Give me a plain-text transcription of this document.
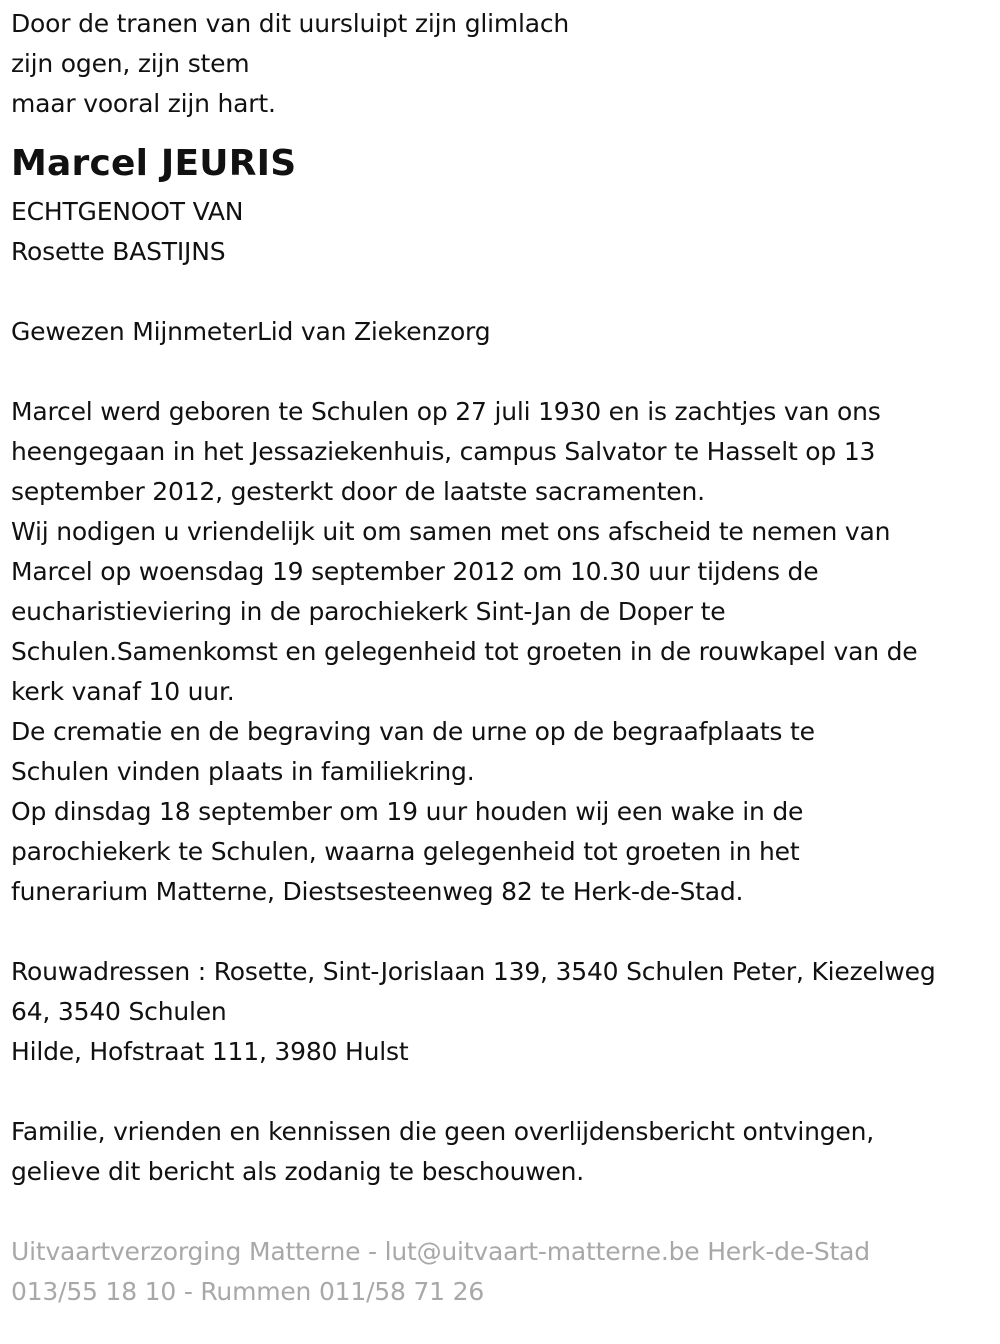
Door de tranen van dit uursluipt zijn glimlach
zijn ogen, zijn stem
maar vooral zijn hart.
Marcel JEURIS
ECHTGENOOT VAN
Rosette BASTIJNS
Gewezen MijnmeterLid van Ziekenzorg
Marcel werd geboren te Schulen op 27 juli 1930 en is zachtjes van ons
heengegaan in het Jessaziekenhuis, campus Salvator te Hasselt op 13
september 2012, gesterkt door de laatste sacramenten.
Wij nodigen u vriendelijk uit om samen met ons afscheid te nemen van
Marcel op woensdag 19 september 2012 om 10.30 uur tijdens de
eucharistieviering in de parochiekerk Sint-Jan de Doper te
Schulen.Samenkomst en gelegenheid tot groeten in de rouwkapel van de
kerk vanaf 10 uur.
De crematie en de begraving van de urne op de begraafplaats te
Schulen vinden plaats in familiekring.
Op dinsdag 18 september om 19 uur houden wij een wake in de
parochiekerk te Schulen, waarna gelegenheid tot groeten in het
funerarium Matterne, Diestsesteenweg 82 te Herk-de-Stad.
Rouwadressen : Rosette, Sint-Jorislaan 139, 3540 Schulen Peter, Kiezelweg
64, 3540 Schulen
Hilde, Hofstraat 111, 3980 Hulst
Familie, vrienden en kennissen die geen overlijdensbericht ontvingen,
gelieve dit bericht als zodanig te beschouwen.
Uitvaartverzorging Matterne - lut@uitvaart-matterne.be Herk-de-Stad
013/55 18 10 - Rummen 011/58 71 26
